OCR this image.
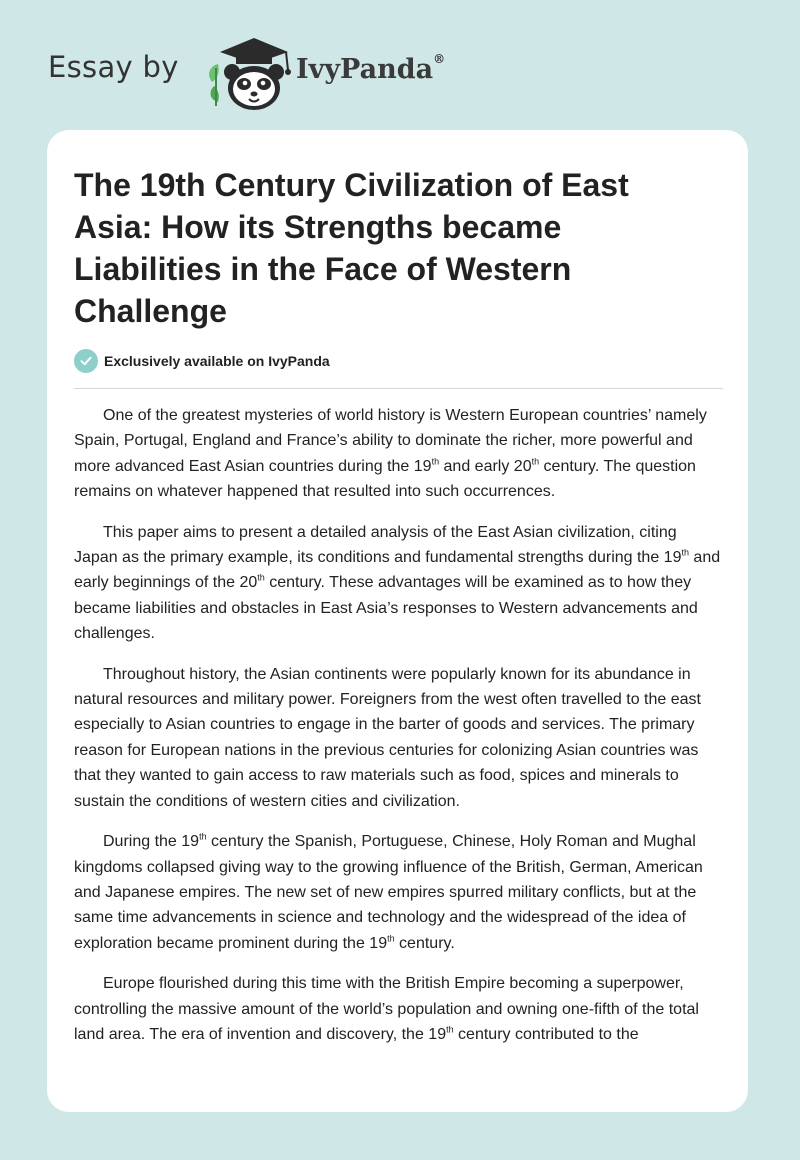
Essay by	IvyPanda®
The 19th Century Civilization of East Asia: How its Strengths became Liabilities in the Face of Western Challenge
Exclusively available on IvyPanda

One of the greatest mysteries of world history is Western European countries’ namely Spain, Portugal, England and France’s ability to dominate the richer, more powerful and more advanced East Asian countries during the 19th and early 20th century. The question remains on whatever happened that resulted into such occurrences.

This paper aims to present a detailed analysis of the East Asian civilization, citing Japan as the primary example, its conditions and fundamental strengths during the 19th and early beginnings of the 20th century. These advantages will be examined as to how they became liabilities and obstacles in East Asia’s responses to Western advancements and challenges.

Throughout history, the Asian continents were popularly known for its abundance in natural resources and military power. Foreigners from the west often travelled to the east especially to Asian countries to engage in the barter of goods and services. The primary reason for European nations in the previous centuries for colonizing Asian countries was that they wanted to gain access to raw materials such as food, spices and minerals to sustain the conditions of western cities and civilization.

During the 19th century the Spanish, Portuguese, Chinese, Holy Roman and Mughal kingdoms collapsed giving way to the growing influence of the British, German, American and Japanese empires. The new set of new empires spurred military conflicts, but at the same time advancements in science and technology and the widespread of the idea of exploration became prominent during the 19th century.

Europe flourished during this time with the British Empire becoming a superpower, controlling the massive amount of the world’s population and owning one-fifth of the total land area. The era of invention and discovery, the 19th century contributed to the
